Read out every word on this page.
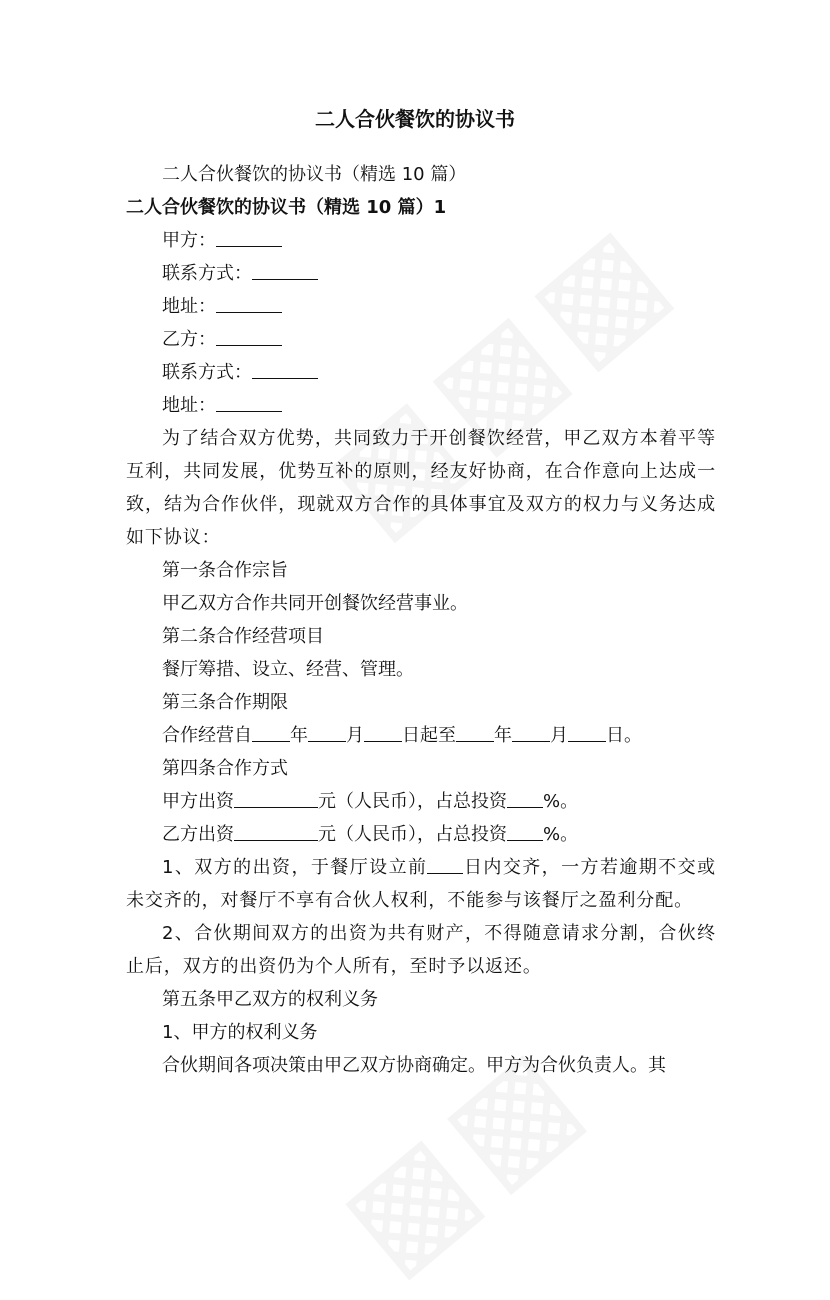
二人合伙餐饮的协议书

二人合伙餐饮的协议书（精选 10 篇）

二人合伙餐饮的协议书（精选 10 篇）1

甲方：

联系方式：

地址：

乙方：

联系方式：

地址：

为了结合双方优势，共同致力于开创餐饮经营，甲乙双方本着平等互利，共同发展，优势互补的原则，经友好协商，在合作意向上达成一致，结为合作伙伴，现就双方合作的具体事宜及双方的权力与义务达成如下协议：

第一条合作宗旨

甲乙双方合作共同开创餐饮经营事业。

第二条合作经营项目

餐厅筹措、设立、经营、管理。

第三条合作期限

合作经营自 年 月 日起至 年 月 日。

第四条合作方式

甲方出资	元（人民币），占总投资 %。

乙方出资	元（人民币），占总投资 %。

1、双方的出资，于餐厅设立前 日内交齐，一方若逾期不交或未交齐的，对餐厅不享有合伙人权利，不能参与该餐厅之盈利分配。

2、合伙期间双方的出资为共有财产，不得随意请求分割，合伙终止后，双方的出资仍为个人所有，至时予以返还。

第五条甲乙双方的权利义务

1、甲方的权利义务

合伙期间各项决策由甲乙双方协商确定。甲方为合伙负责人。其
